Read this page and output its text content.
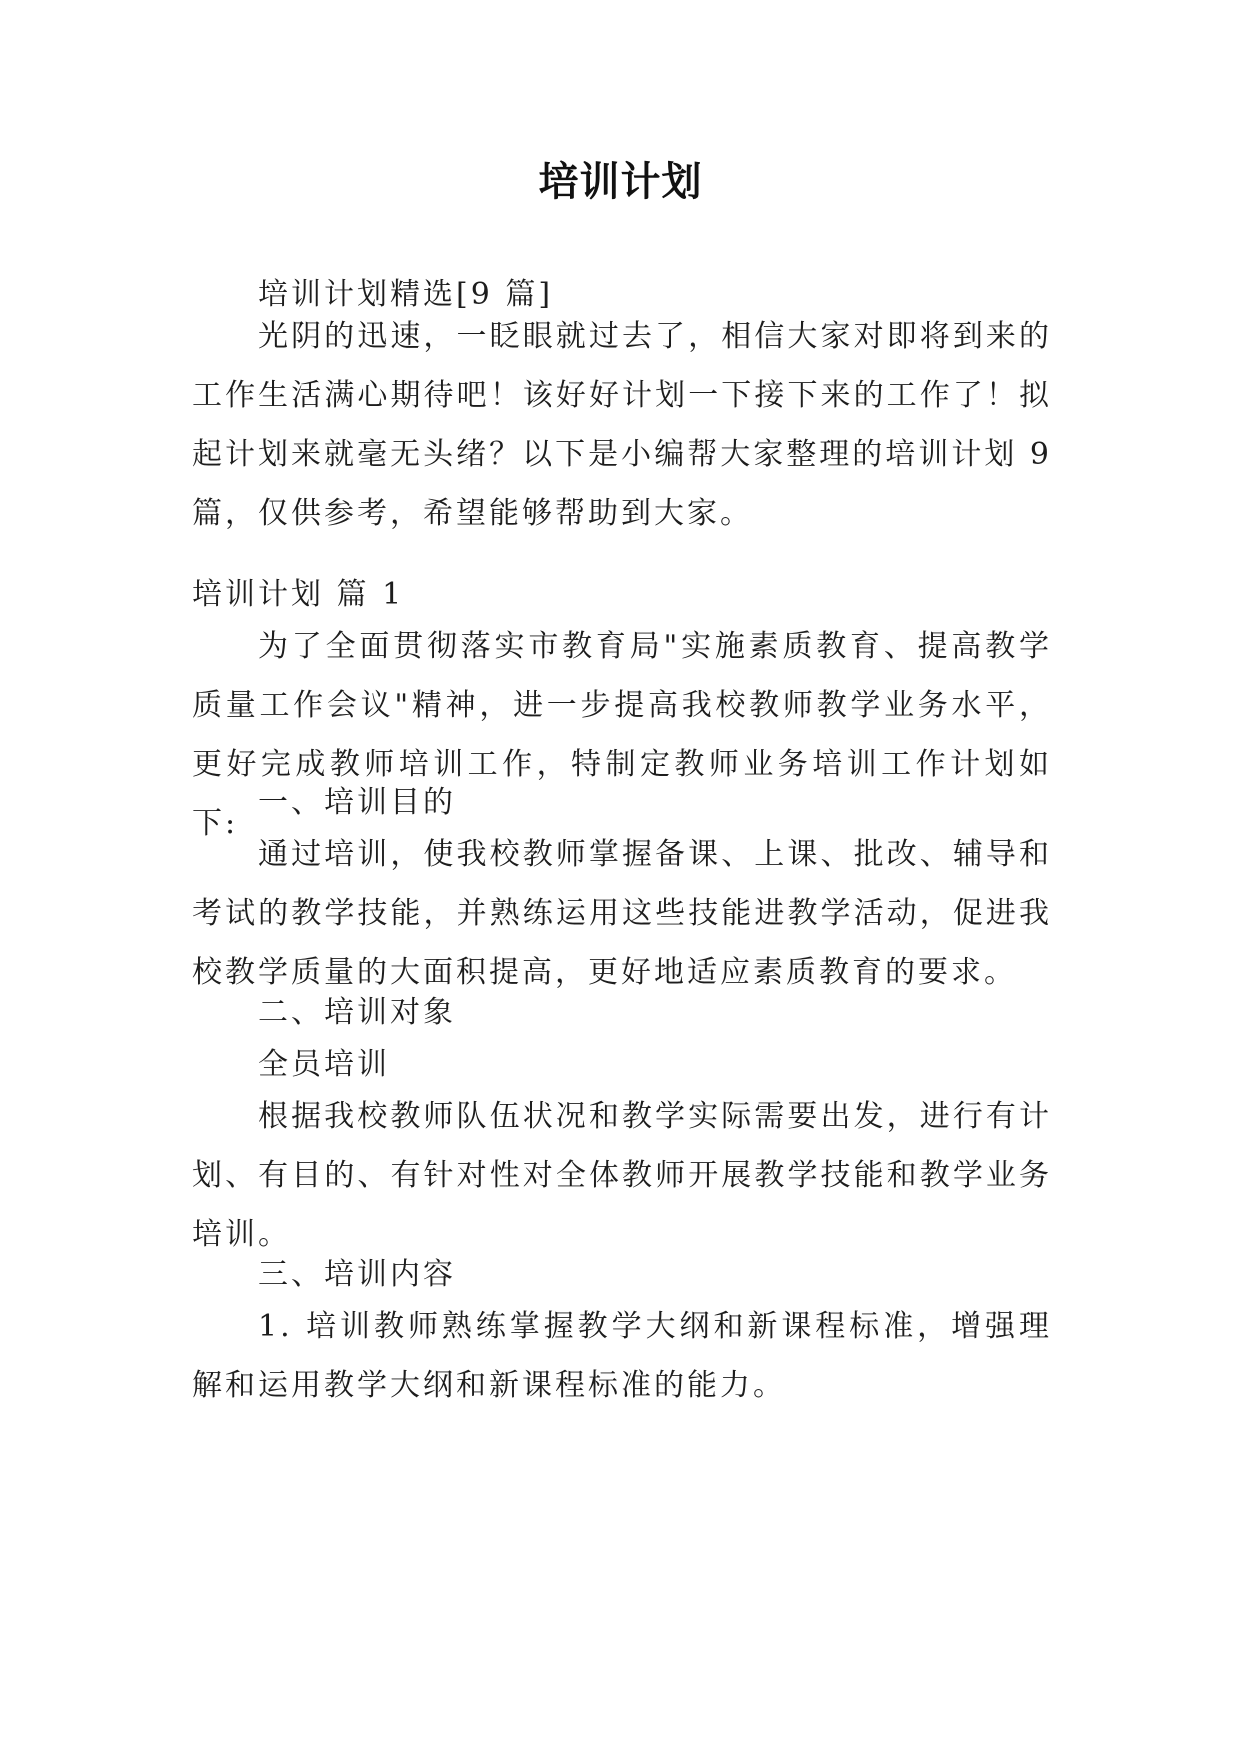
培训计划

培训计划精选[9 篇]

光阴的迅速，一眨眼就过去了，相信大家对即将到来的工作生活满心期待吧！该好好计划一下接下来的工作了！拟起计划来就毫无头绪？以下是小编帮大家整理的培训计划 9 篇，仅供参考，希望能够帮助到大家。

培训计划 篇 1

为了全面贯彻落实市教育局"实施素质教育、提高教学质量工作会议"精神，进一步提高我校教师教学业务水平，更好完成教师培训工作，特制定教师业务培训工作计划如下:

一、培训目的

通过培训，使我校教师掌握备课、上课、批改、辅导和考试的教学技能，并熟练运用这些技能进教学活动，促进我校教学质量的大面积提高，更好地适应素质教育的要求。

二、培训对象

全员培训

根据我校教师队伍状况和教学实际需要出发，进行有计划、有目的、有针对性对全体教师开展教学技能和教学业务培训。

三、培训内容

1. 培训教师熟练掌握教学大纲和新课程标准，增强理解和运用教学大纲和新课程标准的能力。
